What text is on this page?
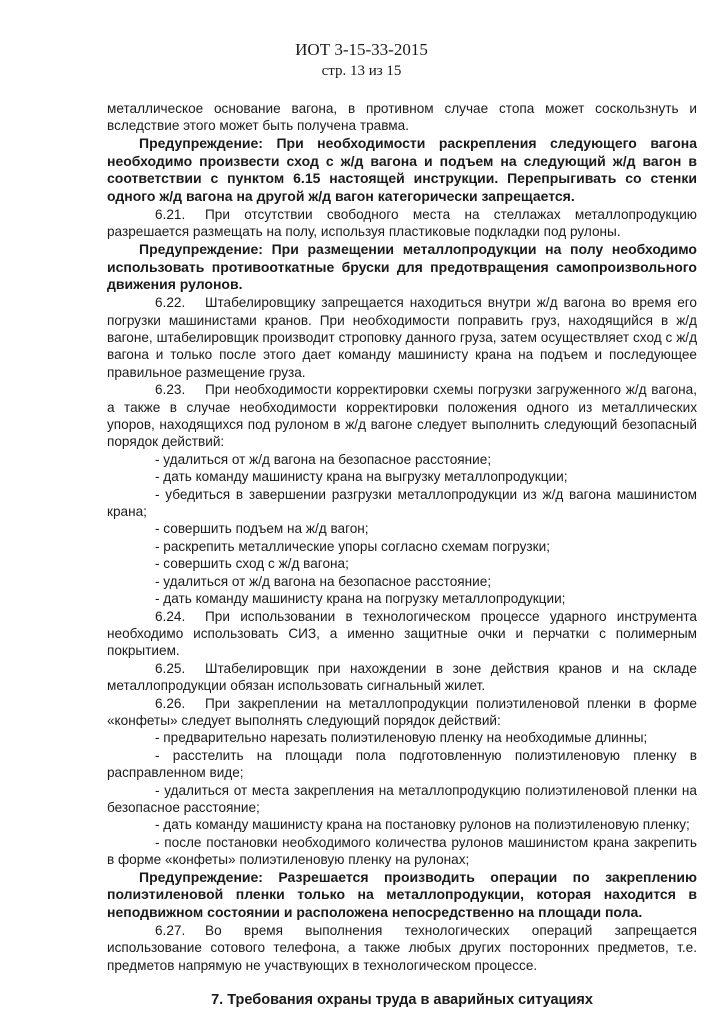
ИОТ 3-15-33-2015
стр. 13 из 15

металлическое основание вагона, в противном случае стопа может соскользнуть и вследствие этого может быть получена травма.

Предупреждение: При необходимости раскрепления следующего вагона необходимо произвести сход с ж/д вагона и подъем на следующий ж/д вагон в соответствии с пунктом 6.15 настоящей инструкции. Перепрыгивать со стенки одного ж/д вагона на другой ж/д вагон категорически запрещается.

6.21. При отсутствии свободного места на стеллажах металлопродукцию разрешается размещать на полу, используя пластиковые подкладки под рулоны.

Предупреждение: При размещении металлопродукции на полу необходимо использовать противооткатные бруски для предотвращения самопроизвольного движения рулонов.

6.22. Штабелировщику запрещается находиться внутри ж/д вагона во время его погрузки машинистами кранов. При необходимости поправить груз, находящийся в ж/д вагоне, штабелировщик производит строповку данного груза, затем осуществляет сход с ж/д вагона и только после этого дает команду машинисту крана на подъем и последующее правильное размещение груза.

6.23. При необходимости корректировки схемы погрузки загруженного ж/д вагона, а также в случае необходимости корректировки положения одного из металлических упоров, находящихся под рулоном в ж/д вагоне следует выполнить следующий безопасный порядок действий:

- удалиться от ж/д вагона на безопасное расстояние;

- дать команду машинисту крана на выгрузку металлопродукции;

- убедиться в завершении разгрузки металлопродукции из ж/д вагона машинистом крана;

- совершить подъем на ж/д вагон;

- раскрепить металлические упоры согласно схемам погрузки;

- совершить сход с ж/д вагона;

- удалиться от ж/д вагона на безопасное расстояние;

- дать команду машинисту крана на погрузку металлопродукции;

6.24. При использовании в технологическом процессе ударного инструмента необходимо использовать СИЗ, а именно защитные очки и перчатки с полимерным покрытием.

6.25. Штабелировщик при нахождении в зоне действия кранов и на складе металлопродукции обязан использовать сигнальный жилет.

6.26. При закреплении на металлопродукции полиэтиленовой пленки в форме «конфеты» следует выполнять следующий порядок действий:

- предварительно нарезать полиэтиленовую пленку на необходимые длинны;

- расстелить на площади пола подготовленную полиэтиленовую пленку в расправленном виде;

- удалиться от места закрепления на металлопродукцию полиэтиленовой пленки на безопасное расстояние;

- дать команду машинисту крана на постановку рулонов на полиэтиленовую пленку;

- после постановки необходимого количества рулонов машинистом крана закрепить в форме «конфеты» полиэтиленовую пленку на рулонах;

Предупреждение: Разрешается производить операции по закреплению полиэтиленовой пленки только на металлопродукции, которая находится в неподвижном состоянии и расположена непосредственно на площади пола.

6.27. Во время выполнения технологических операций запрещается использование сотового телефона, а также любых других посторонних предметов, т.е. предметов напрямую не участвующих в технологическом процессе.

7. Требования охраны труда в аварийных ситуациях
